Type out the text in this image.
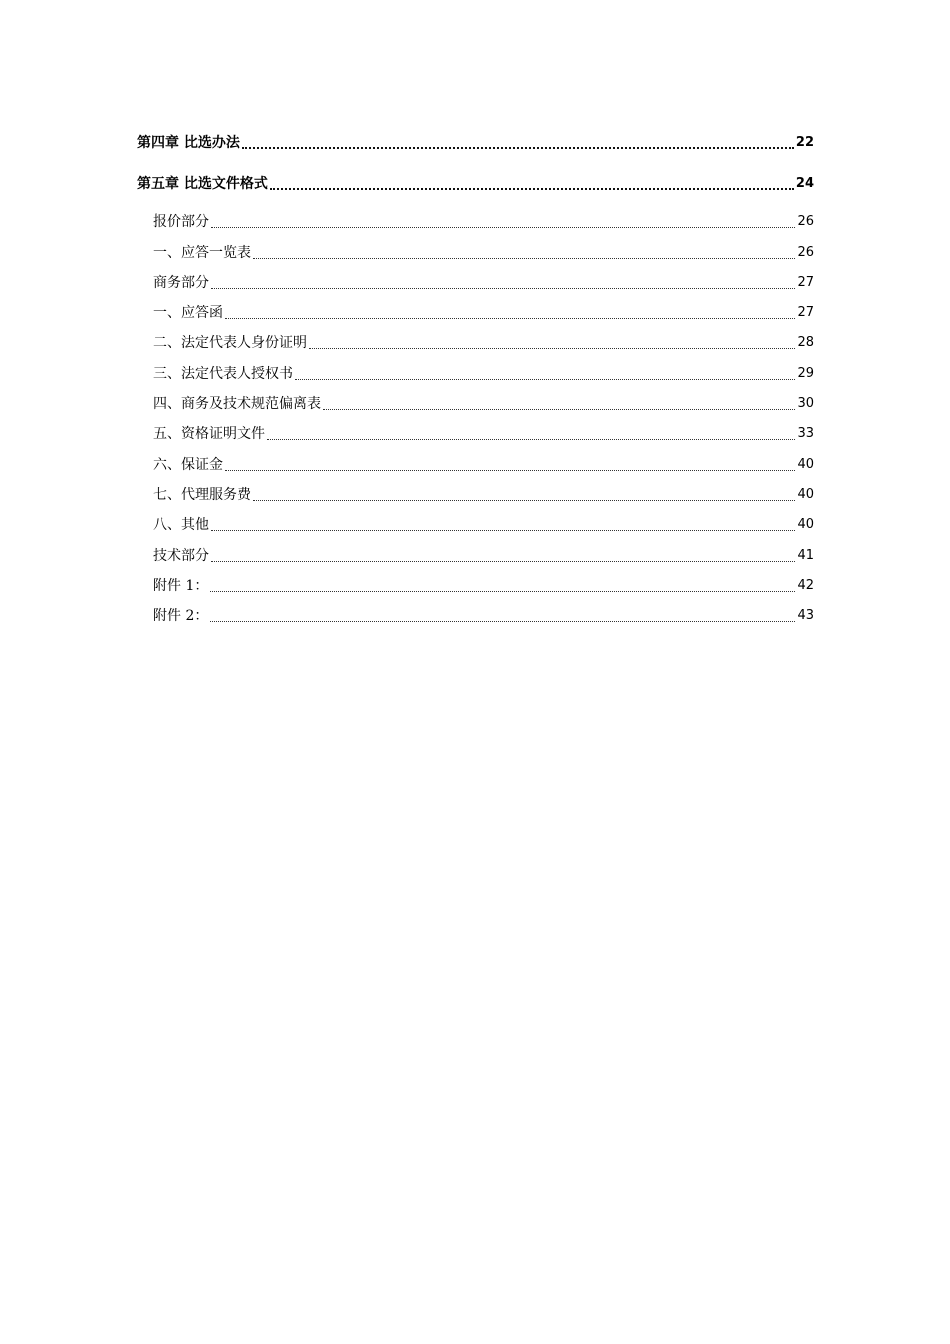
第四章 比选办法	22
第五章 比选文件格式	24
报价部分	26
一、应答一览表	26
商务部分	27
一、应答函	27
二、法定代表人身份证明	28
三、法定代表人授权书	29
四、商务及技术规范偏离表	30
五、资格证明文件	33
六、保证金	40
七、代理服务费	40
八、其他	40
技术部分	41
附件 1：	42
附件 2：	43
